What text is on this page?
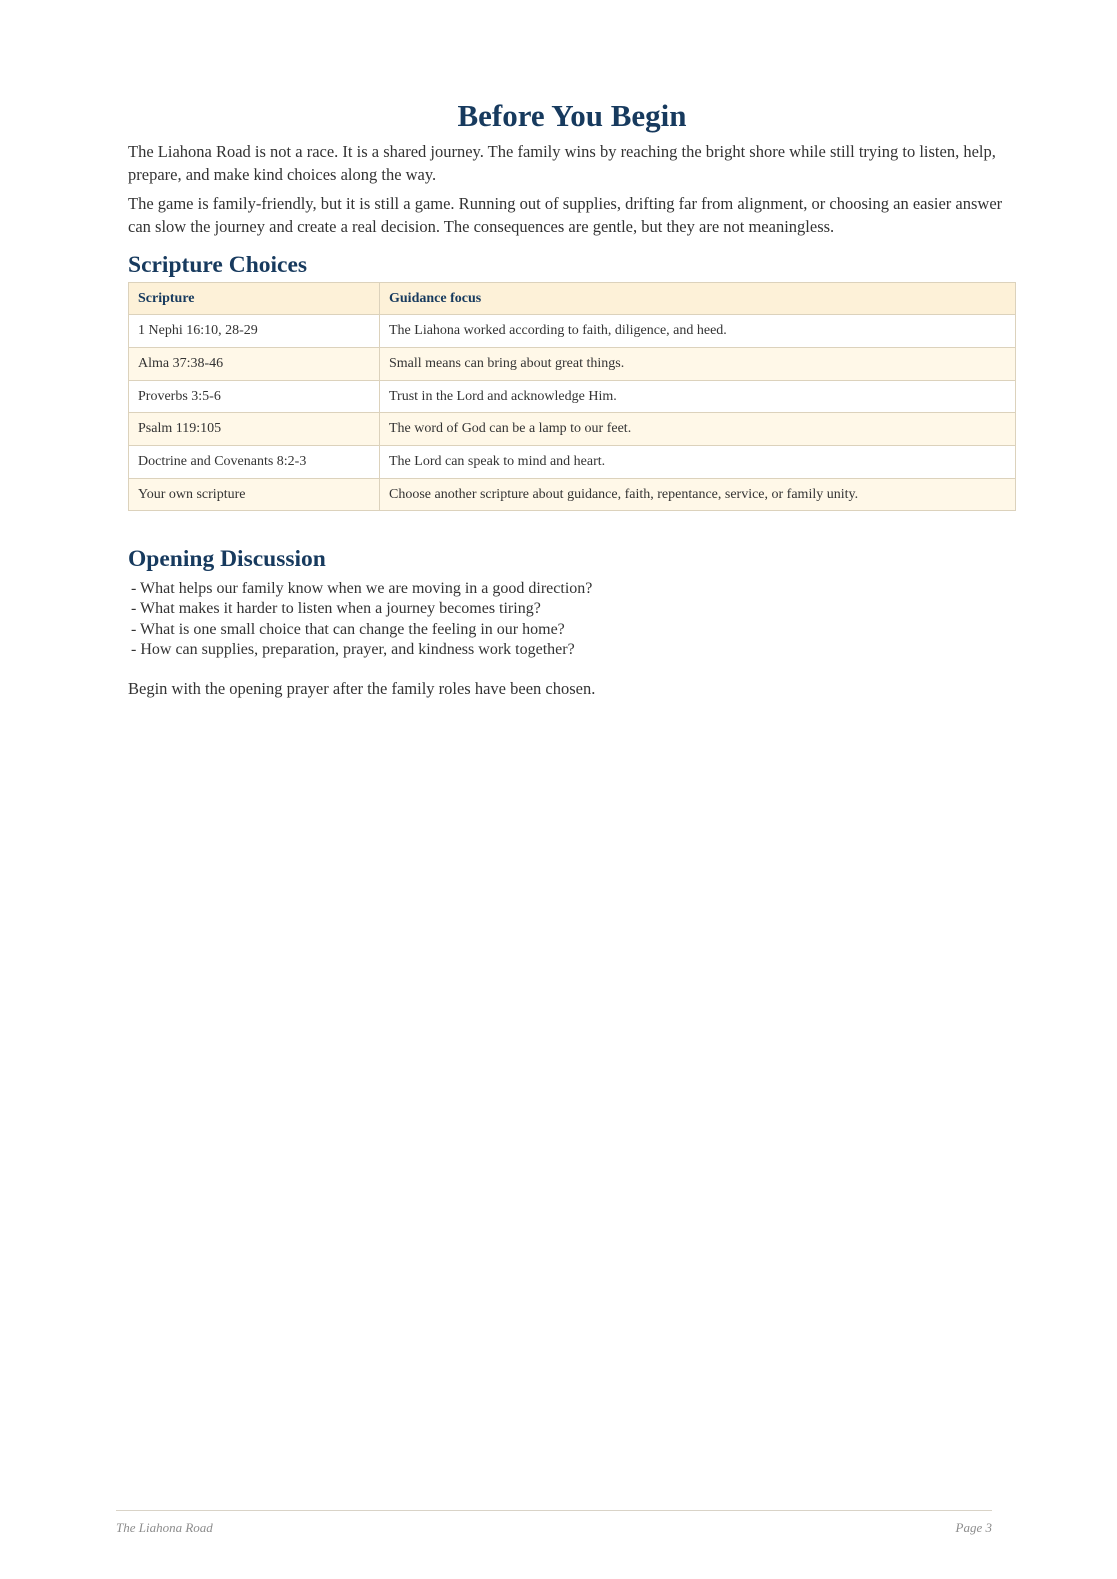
Before You Begin

The Liahona Road is not a race. It is a shared journey. The family wins by reaching the bright shore while still trying to listen, help, prepare, and make kind choices along the way.

The game is family-friendly, but it is still a game. Running out of supplies, drifting far from alignment, or choosing an easier answer can slow the journey and create a real decision. The consequences are gentle, but they are not meaningless.

Scripture Choices
Scripture	Guidance focus
1 Nephi 16:10, 28-29	The Liahona worked according to faith, diligence, and heed.
Alma 37:38-46	Small means can bring about great things.
Proverbs 3:5-6	Trust in the Lord and acknowledge Him.
Psalm 119:105	The word of God can be a lamp to our feet.
Doctrine and Covenants 8:2-3	The Lord can speak to mind and heart.
Your own scripture	Choose another scripture about guidance, faith, repentance, service, or family unity.
Opening Discussion
- What helps our family know when we are moving in a good direction?
- What makes it harder to listen when a journey becomes tiring?
- What is one small choice that can change the feeling in our home?
- How can supplies, preparation, prayer, and kindness work together?

Begin with the opening prayer after the family roles have been chosen.

The Liahona Road	Page 3
